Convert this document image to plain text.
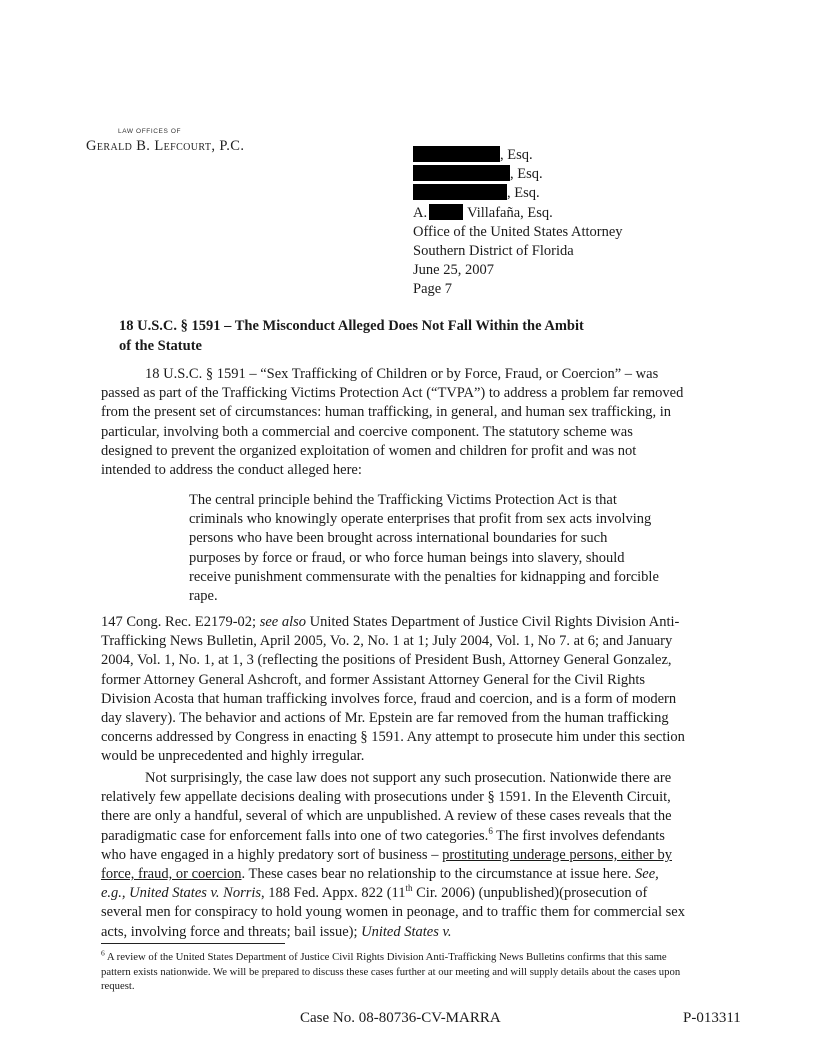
LAW OFFICES OF
Gerald B. Lefcourt, P.C.
, Esq.
, Esq.
, Esq.
A.	Villafaña, Esq.
Office of the United States Attorney
Southern District of Florida
June 25, 2007
Page 7
18 U.S.C. § 1591 – The Misconduct Alleged Does Not Fall Within the Ambit
of the Statute
18 U.S.C. § 1591 – “Sex Trafficking of Children or by Force, Fraud, or Coercion” – was passed as part of the Trafficking Victims Protection Act (“TVPA”) to address a problem far removed from the present set of circumstances: human trafficking, in general, and human sex trafficking, in particular, involving both a commercial and coercive component. The statutory scheme was designed to prevent the organized exploitation of women and children for profit and was not intended to address the conduct alleged here:
The central principle behind the Trafficking Victims Protection Act is that criminals who knowingly operate enterprises that profit from sex acts involving persons who have been brought across international boundaries for such purposes by force or fraud, or who force human beings into slavery, should receive punishment commensurate with the penalties for kidnapping and forcible rape.
147 Cong. Rec. E2179-02; see also United States Department of Justice Civil Rights Division Anti-Trafficking News Bulletin, April 2005, Vo. 2, No. 1 at 1; July 2004, Vol. 1, No 7. at 6; and January 2004, Vol. 1, No. 1, at 1, 3 (reflecting the positions of President Bush, Attorney General Gonzalez, former Attorney General Ashcroft, and former Assistant Attorney General for the Civil Rights Division Acosta that human trafficking involves force, fraud and coercion, and is a form of modern day slavery). The behavior and actions of Mr. Epstein are far removed from the human trafficking concerns addressed by Congress in enacting § 1591. Any attempt to prosecute him under this section would be unprecedented and highly irregular.
Not surprisingly, the case law does not support any such prosecution. Nationwide there are relatively few appellate decisions dealing with prosecutions under § 1591. In the Eleventh Circuit, there are only a handful, several of which are unpublished. A review of these cases reveals that the paradigmatic case for enforcement falls into one of two categories.$^6$ The first involves defendants who have engaged in a highly predatory sort of business – prostituting underage persons, either by force, fraud, or coercion. These cases bear no relationship to the circumstance at issue here. See, e.g., United States v. Norris, 188 Fed. Appx. 822 (11th Cir. 2006) (unpublished)(prosecution of several men for conspiracy to hold young women in peonage, and to traffic them for commercial sex acts, involving force and threats; bail issue); United States v.
$^6$ A review of the United States Department of Justice Civil Rights Division Anti-Trafficking News Bulletins confirms that this same pattern exists nationwide. We will be prepared to discuss these cases further at our meeting and will supply details about the cases upon request.
Case No. 08-80736-CV-MARRA	P-013311
